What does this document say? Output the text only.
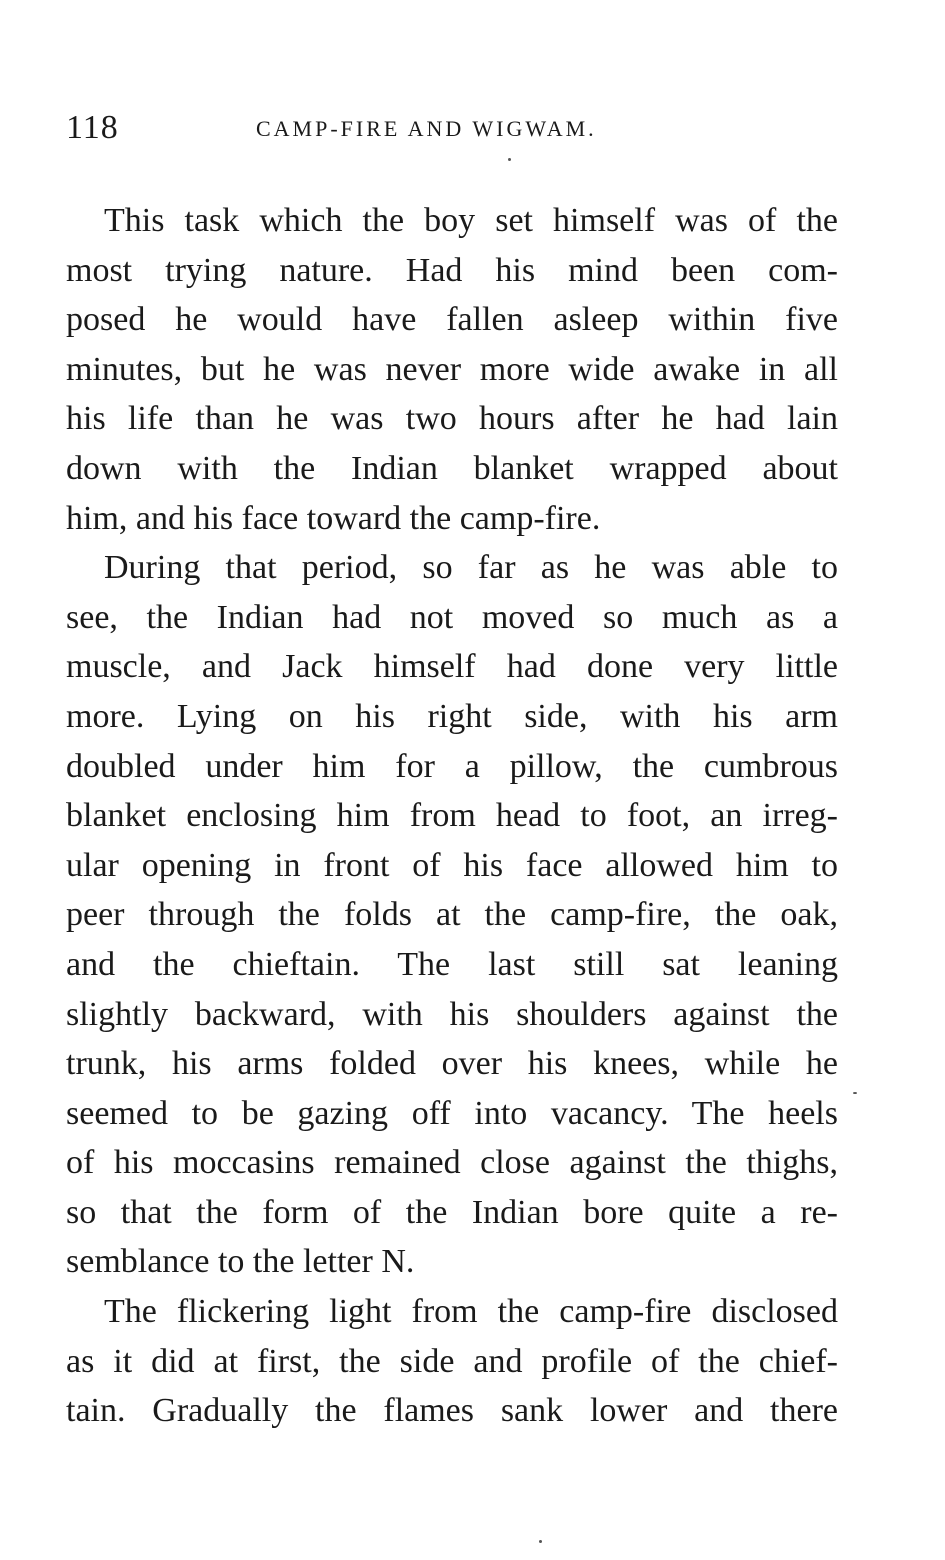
118	CAMP-FIRE AND WIGWAM.
This task which the boy set himself was of the
most trying nature. Had his mind been com-
posed he would have fallen asleep within five
minutes, but he was never more wide awake in all
his life than he was two hours after he had lain
down with the Indian blanket wrapped about
him, and his face toward the camp-fire.
During that period, so far as he was able to
see, the Indian had not moved so much as a
muscle, and Jack himself had done very little
more. Lying on his right side, with his arm
doubled under him for a pillow, the cumbrous
blanket enclosing him from head to foot, an irreg-
ular opening in front of his face allowed him to
peer through the folds at the camp-fire, the oak,
and the chieftain. The last still sat leaning
slightly backward, with his shoulders against the
trunk, his arms folded over his knees, while he
seemed to be gazing off into vacancy. The heels
of his moccasins remained close against the thighs,
so that the form of the Indian bore quite a re-
semblance to the letter N.
The flickering light from the camp-fire disclosed
as it did at first, the side and profile of the chief-
tain. Gradually the flames sank lower and there
